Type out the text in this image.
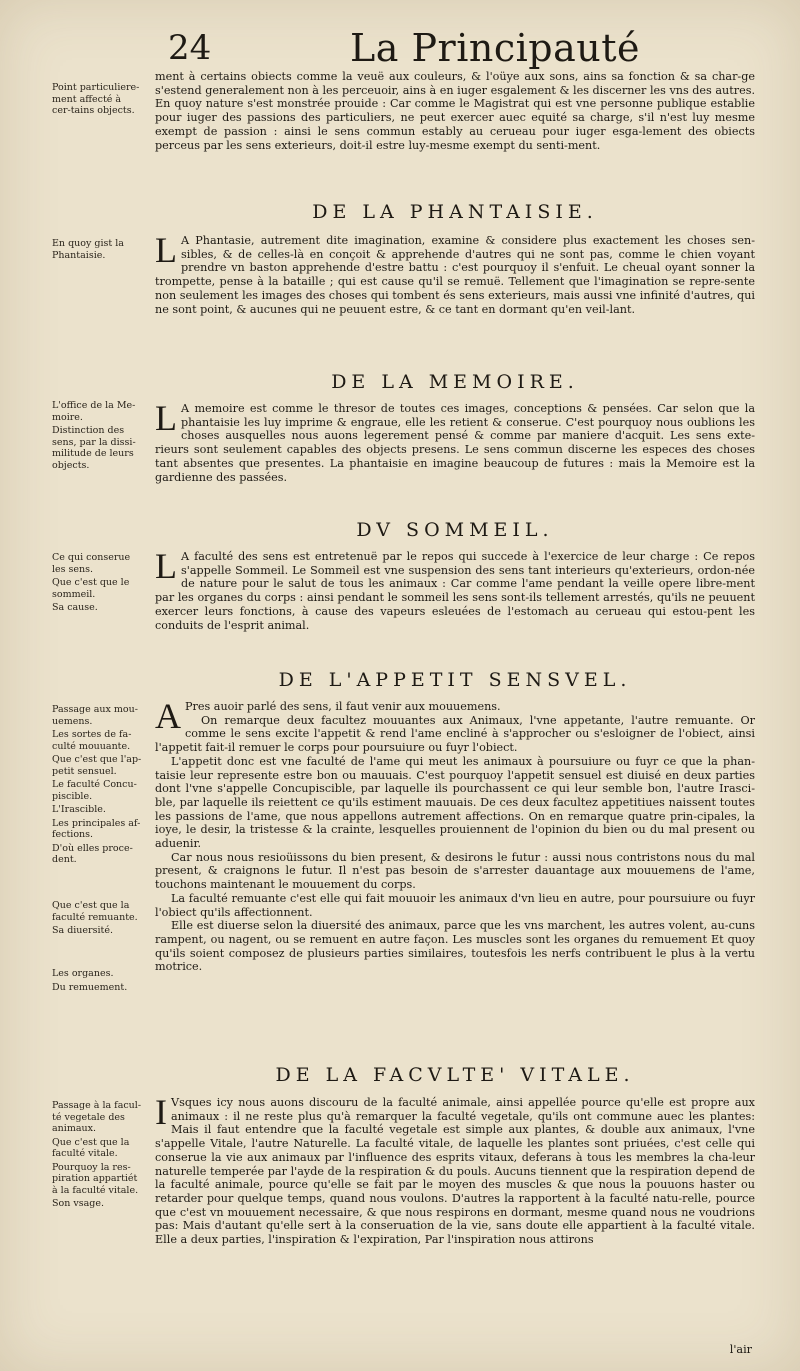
24	La Principauté

Point particuliere-ment affecté à cer-tains objects.

ment à certains obiects comme la veuë aux couleurs, & l'oüye aux sons, ains sa fonction & sa char-ge s'estend generalement non à les perceuoir, ains à en iuger esgalement & les discerner les vns des autres. En quoy nature s'est monstrée prouide : Car comme le Magistrat qui est vne personne publique establie pour iuger des passions des particuliers, ne peut exercer auec equité sa charge, s'il n'est luy mesme exempt de passion : ainsi le sens commun estably au cerueau pour iuger esga-lement des obiects perceus par les sens exterieurs, doit-il estre luy-mesme exempt du senti-ment.

DE LA PHANTAISIE.

En quoy gist la Phantaisie.	L A Phantasie, autrement dite imagination, examine & considere plus exactement les choses sen-sibles, & de celles-là en conçoit & apprehende d'autres qui ne sont pas, comme le chien voyant prendre vn baston apprehende d'estre battu : c'est pourquoy il s'enfuit. Le cheual oyant sonner la trompette, pense à la bataille ; qui est cause qu'il se remuë. Tellement que l'imagination se repre-sente non seulement les images des choses qui tombent és sens exterieurs, mais aussi vne infinité d'autres, qui ne sont point, & aucunes qui ne peuuent estre, & ce tant en dormant qu'en veil-lant.

DE LA MEMOIRE.

L'office de la Me-moire.

Distinction des sens, par la dissi-militude de leurs objects.

L A memoire est comme le thresor de toutes ces images, conceptions & pensées. Car selon que la phantaisie les luy imprime & engraue, elle les retient & conserue. C'est pourquoy nous oublions les choses ausquelles nous auons legerement pensé & comme par maniere d'acquit. Les sens exte-rieurs sont seulement capables des objects presens. Le sens commun discerne les especes des choses tant absentes que presentes. La phantaisie en imagine beaucoup de futures : mais la Memoire est la gardienne des passées.

DV SOMMEIL.

Ce qui conserue les sens.

Que c'est que le sommeil.

Sa cause.

L A faculté des sens est entretenuë par le repos qui succede à l'exercice de leur charge : Ce repos s'appelle Sommeil. Le Sommeil est vne suspension des sens tant interieurs qu'exterieurs, ordon-née de nature pour le salut de tous les animaux : Car comme l'ame pendant la veille opere libre-ment par les organes du corps : ainsi pendant le sommeil les sens sont-ils tellement arrestés, qu'ils ne peuuent exercer leurs fonctions, à cause des vapeurs esleuées de l'estomach au cerueau qui estou-pent les conduits de l'esprit animal.

DE L'APPETIT SENSVEL.

Passage aux mou-uemens.

Les sortes de fa-culté mouuante.

Que c'est que l'ap-petit sensuel.

Le faculté Concu-piscible.

L'Irascible.

Les principales af-fections.

D'où elles proce-dent.

Que c'est que la faculté remuante.

Sa diuersité.

Les organes.

Du remuement.

A Pres auoir parlé des sens, il faut venir aux mouuemens.

On remarque deux facultez mouuantes aux Animaux, l'vne appetante, l'autre remuante. Or comme le sens excite l'appetit & rend l'ame encliné à s'approcher ou s'esloigner de l'obiect, ainsi l'appetit fait-il remuer le corps pour poursuiure ou fuyr l'obiect.

L'appetit donc est vne faculté de l'ame qui meut les animaux à poursuiure ou fuyr ce que la phan-taisie leur represente estre bon ou mauuais. C'est pourquoy l'appetit sensuel est diuisé en deux parties dont l'vne s'appelle Concupiscible, par laquelle ils pourchassent ce qui leur semble bon, l'autre Irasci-ble, par laquelle ils reiettent ce qu'ils estiment mauuais. De ces deux facultez appetitiues naissent toutes les passions de l'ame, que nous appellons autrement affections. On en remarque quatre prin-cipales, la ioye, le desir, la tristesse & la crainte, lesquelles prouiennent de l'opinion du bien ou du mal present ou aduenir.

Car nous nous resioüissons du bien present, & desirons le futur : aussi nous contristons nous du mal present, & craignons le futur. Il n'est pas besoin de s'arrester dauantage aux mouuemens de l'ame, touchons maintenant le mouuement du corps.

La faculté remuante c'est elle qui fait mouuoir les animaux d'vn lieu en autre, pour poursuiure ou fuyr l'obiect qu'ils affectionnent.

Elle est diuerse selon la diuersité des animaux, parce que les vns marchent, les autres volent, au-cuns rampent, ou nagent, ou se remuent en autre façon. Les muscles sont les organes du remuement Et quoy qu'ils soient composez de plusieurs parties similaires, toutesfois les nerfs contribuent le plus à la vertu motrice.

DE LA FACVLTE' VITALE.

Passage à la facul-té vegetale des animaux.

Que c'est que la faculté vitale.

Pourquoy la res-piration appartiét à la faculté vitale.

Son vsage.

I Vsques icy nous auons discouru de la faculté animale, ainsi appellée pource qu'elle est propre aux animaux : il ne reste plus qu'à remarquer la faculté vegetale, qu'ils ont commune auec les plantes: Mais il faut entendre que la faculté vegetale est simple aux plantes, & double aux animaux, l'vne s'appelle Vitale, l'autre Naturelle. La faculté vitale, de laquelle les plantes sont priuées, c'est celle qui conserue la vie aux animaux par l'influence des esprits vitaux, deferans à tous les membres la cha-leur naturelle temperée par l'ayde de la respiration & du pouls. Aucuns tiennent que la respiration depend de la faculté animale, pource qu'elle se fait par le moyen des muscles & que nous la pouuons haster ou retarder pour quelque temps, quand nous voulons. D'autres la rapportent à la faculté natu-relle, pource que c'est vn mouuement necessaire, & que nous respirons en dormant, mesme quand nous ne voudrions pas: Mais d'autant qu'elle sert à la conseruation de la vie, sans doute elle appartient à la faculté vitale. Elle a deux parties, l'inspiration & l'expiration, Par l'inspiration nous attirons

l'air
